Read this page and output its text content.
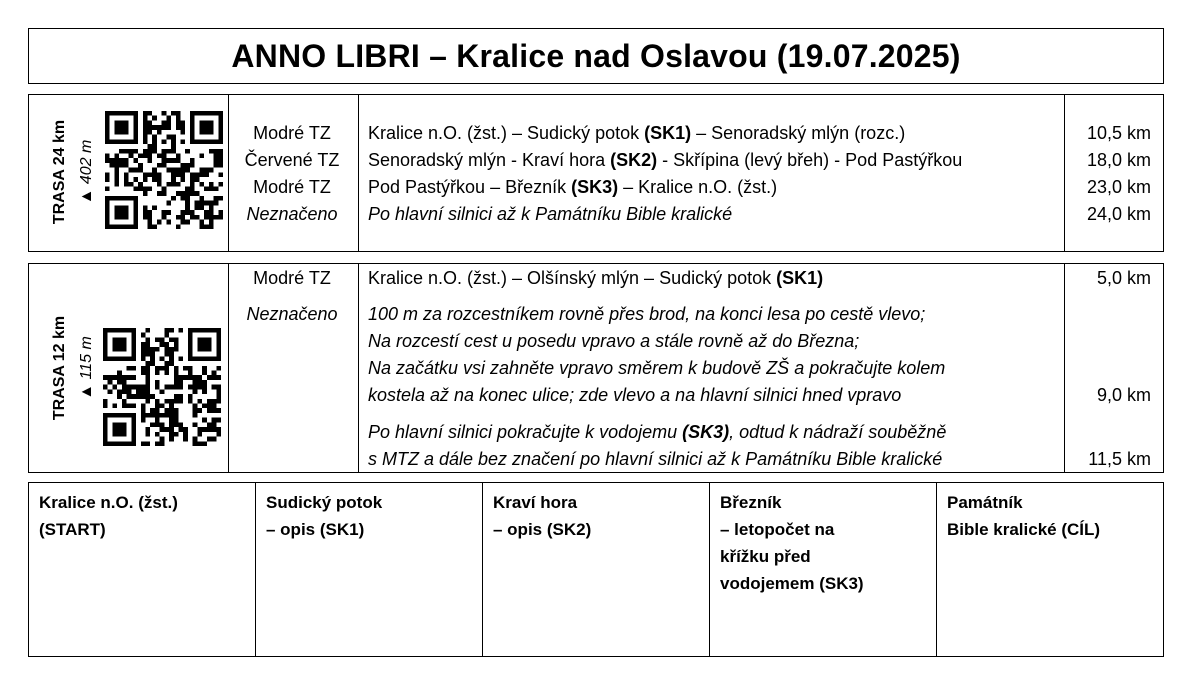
ANNO LIBRI – Kralice nad Oslavou (19.07.2025)
TRASA 24 km ▲ 402 m
Modré TZ	Kralice n.O. (žst.) – Sudický potok (SK1) – Senoradský mlýn (rozc.)	10,5 km
Červené TZ	Senoradský mlýn - Kraví hora (SK2) - Skřípina (levý břeh) - Pod Pastýřkou	18,0 km
Modré TZ	Pod Pastýřkou – Březník (SK3) – Kralice n.O. (žst.)	23,0 km
Neznačeno	Po hlavní silnici až k Památníku Bible kralické	24,0 km
TRASA 12 km ▲ 115 m
Modré TZ	Kralice n.O. (žst.) – Olšínský mlýn – Sudický potok (SK1)	5,0 km
Neznačeno	100 m za rozcestníkem rovně přes brod, na konci lesa po cestě vlevo;
Na rozcestí cest u posedu vpravo a stále rovně až do Března;
Na začátku vsi zahněte vpravo směrem k budově ZŠ a pokračujte kolem
kostela až na konec ulice; zde vlevo a na hlavní silnici hned vpravo	9,0 km
Po hlavní silnici pokračujte k vodojemu (SK3), odtud k nádraží souběžně
s MTZ a dále bez značení po hlavní silnici až k Památníku Bible kralické	11,5 km
Kralice n.O. (žst.)
(START)
Sudický potok
– opis (SK1)
Kraví hora
– opis (SK2)
Březník
– letopočet na
křížku před
vodojemem (SK3)
Památník
Bible kralické (CÍL)
